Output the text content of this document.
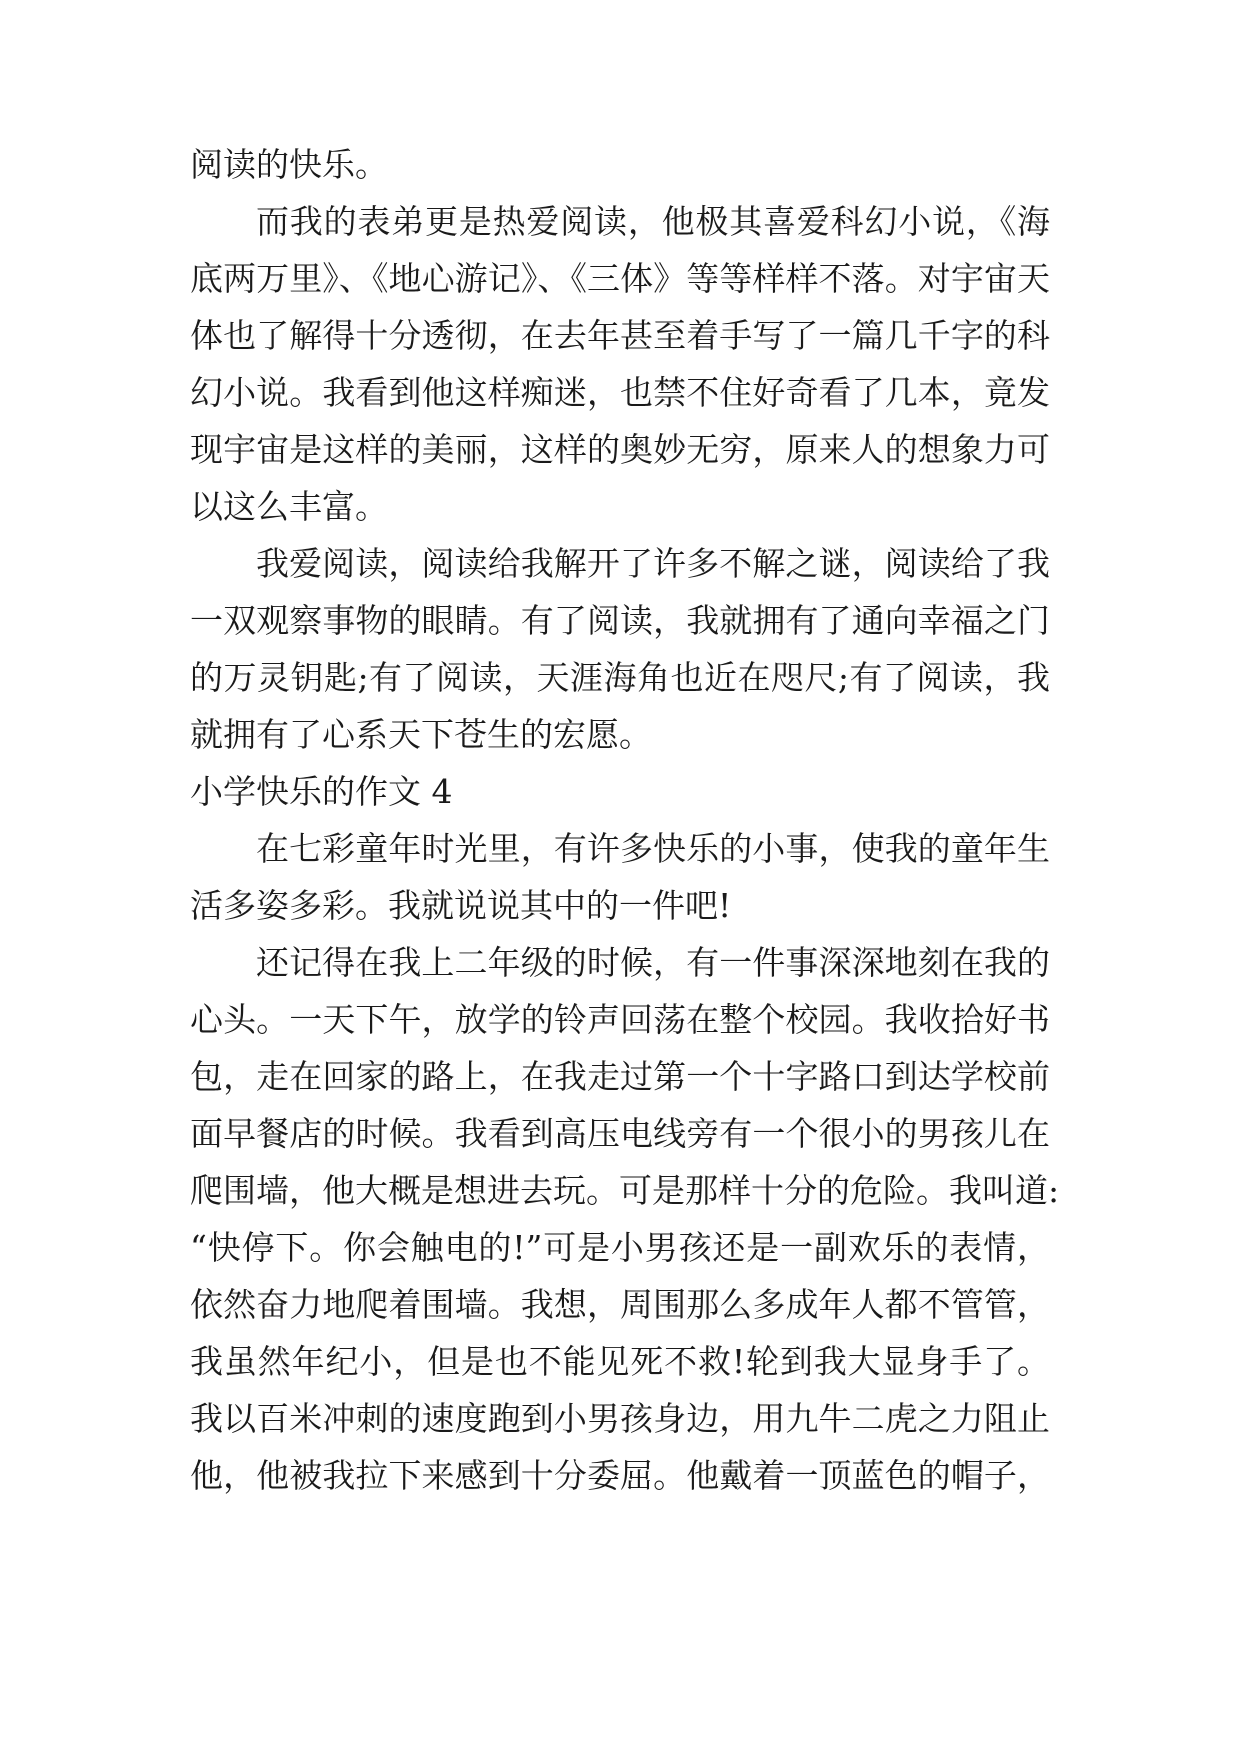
阅读的快乐。
而我的表弟更是热爱阅读，他极其喜爱科幻小说，《海
底两万里》、《地心游记》、《三体》等等样样不落。对宇宙天
体也了解得十分透彻，在去年甚至着手写了一篇几千字的科
幻小说。我看到他这样痴迷，也禁不住好奇看了几本，竟发
现宇宙是这样的美丽，这样的奥妙无穷，原来人的想象力可
以这么丰富。
我爱阅读，阅读给我解开了许多不解之谜，阅读给了我
一双观察事物的眼睛。有了阅读，我就拥有了通向幸福之门
的万灵钥匙;有了阅读，天涯海角也近在咫尺;有了阅读，我
就拥有了心系天下苍生的宏愿。
小学快乐的作文 4
在七彩童年时光里，有许多快乐的小事，使我的童年生
活多姿多彩。我就说说其中的一件吧!
还记得在我上二年级的时候，有一件事深深地刻在我的
心头。一天下午，放学的铃声回荡在整个校园。我收拾好书
包，走在回家的路上，在我走过第一个十字路口到达学校前
面早餐店的时候。我看到高压电线旁有一个很小的男孩儿在
爬围墙，他大概是想进去玩。可是那样十分的危险。我叫道:
“快停下。你会触电的!”可是小男孩还是一副欢乐的表情，
依然奋力地爬着围墙。我想，周围那么多成年人都不管管，
我虽然年纪小，但是也不能见死不救!轮到我大显身手了。
我以百米冲刺的速度跑到小男孩身边，用九牛二虎之力阻止
他，他被我拉下来感到十分委屈。他戴着一顶蓝色的帽子，
